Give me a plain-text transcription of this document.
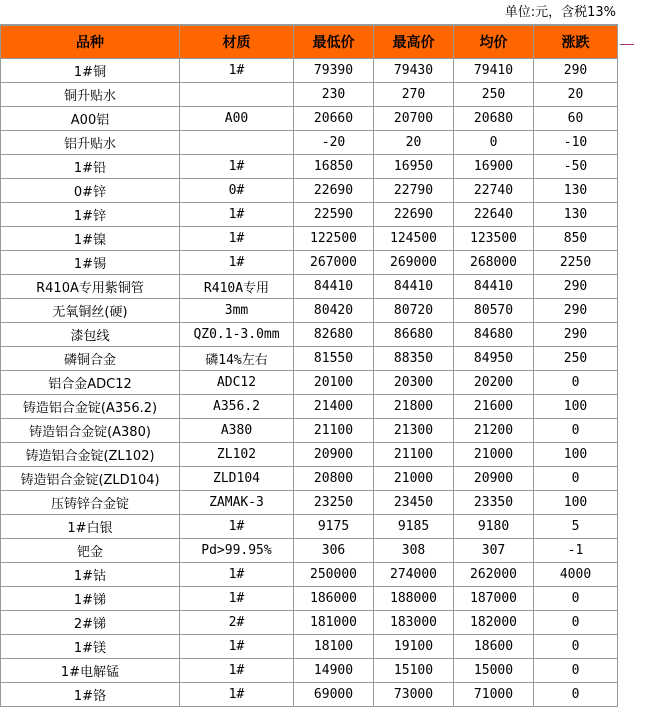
单位:元，含税13%
品种	材质	最低价	最高价	均价	涨跌
1#铜	1#	79390	79430	79410	290
铜升贴水		230	270	250	20
A00铝	A00	20660	20700	20680	60
铝升贴水		-20	20	0	-10
1#铅	1#	16850	16950	16900	-50
0#锌	0#	22690	22790	22740	130
1#锌	1#	22590	22690	22640	130
1#镍	1#	122500	124500	123500	850
1#锡	1#	267000	269000	268000	2250
R410A专用紫铜管	R410A专用	84410	84410	84410	290
无氧铜丝(硬)	3mm	80420	80720	80570	290
漆包线	QZ0.1-3.0mm	82680	86680	84680	290
磷铜合金	磷14%左右	81550	88350	84950	250
铝合金ADC12	ADC12	20100	20300	20200	0
铸造铝合金锭(A356.2)	A356.2	21400	21800	21600	100
铸造铝合金锭(A380)	A380	21100	21300	21200	0
铸造铝合金锭(ZL102)	ZL102	20900	21100	21000	100
铸造铝合金锭(ZLD104)	ZLD104	20800	21000	20900	0
压铸锌合金锭	ZAMAK-3	23250	23450	23350	100
1#白银	1#	9175	9185	9180	5
钯金	Pd>99.95%	306	308	307	-1
1#钴	1#	250000	274000	262000	4000
1#锑	1#	186000	188000	187000	0
2#锑	2#	181000	183000	182000	0
1#镁	1#	18100	19100	18600	0
1#电解锰	1#	14900	15100	15000	0
1#铬	1#	69000	73000	71000	0
